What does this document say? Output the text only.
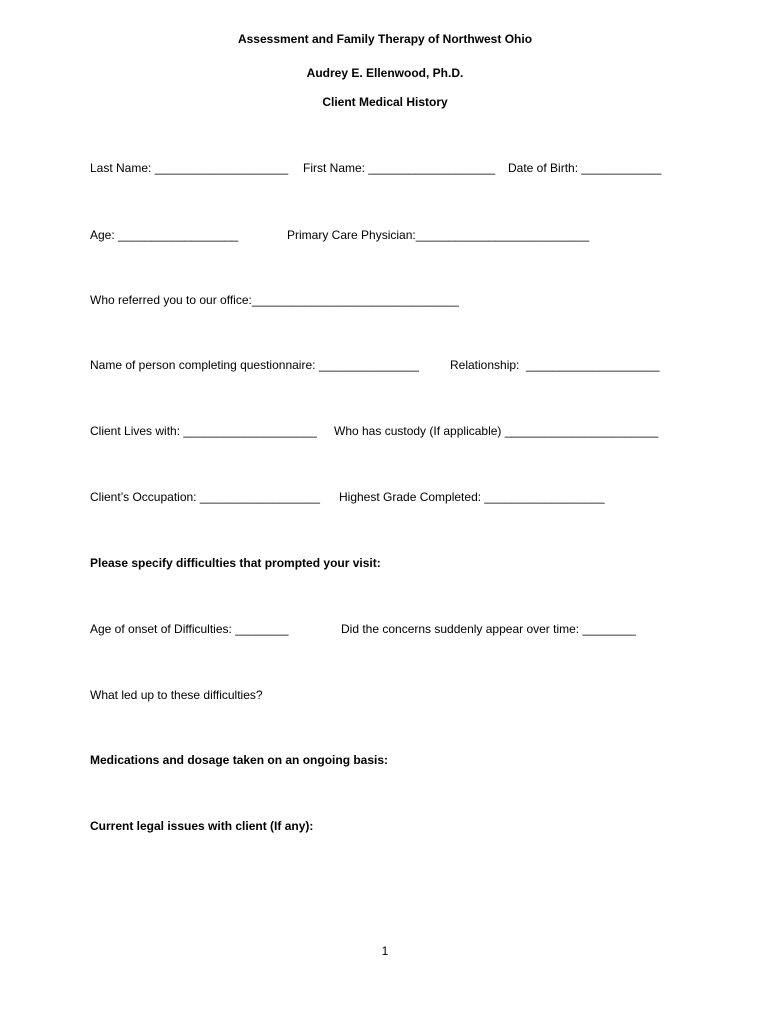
Assessment and Family Therapy of Northwest Ohio
Audrey E. Ellenwood, Ph.D.
Client Medical History
Last Name: ____________________ First Name: ___________________ Date of Birth: ____________
Age: __________________	Primary Care Physician:__________________________
Who referred you to our office:_______________________________
Name of person completing questionnaire: _______________	Relationship:  ____________________
Client Lives with: ____________________ Who has custody (If applicable) _______________________
Client’s Occupation: __________________ Highest Grade Completed: __________________
Please specify difficulties that prompted your visit:
Age of onset of Difficulties: ________	Did the concerns suddenly appear over time: ________
What led up to these difficulties?
Medications and dosage taken on an ongoing basis:
Current legal issues with client (If any):
1
